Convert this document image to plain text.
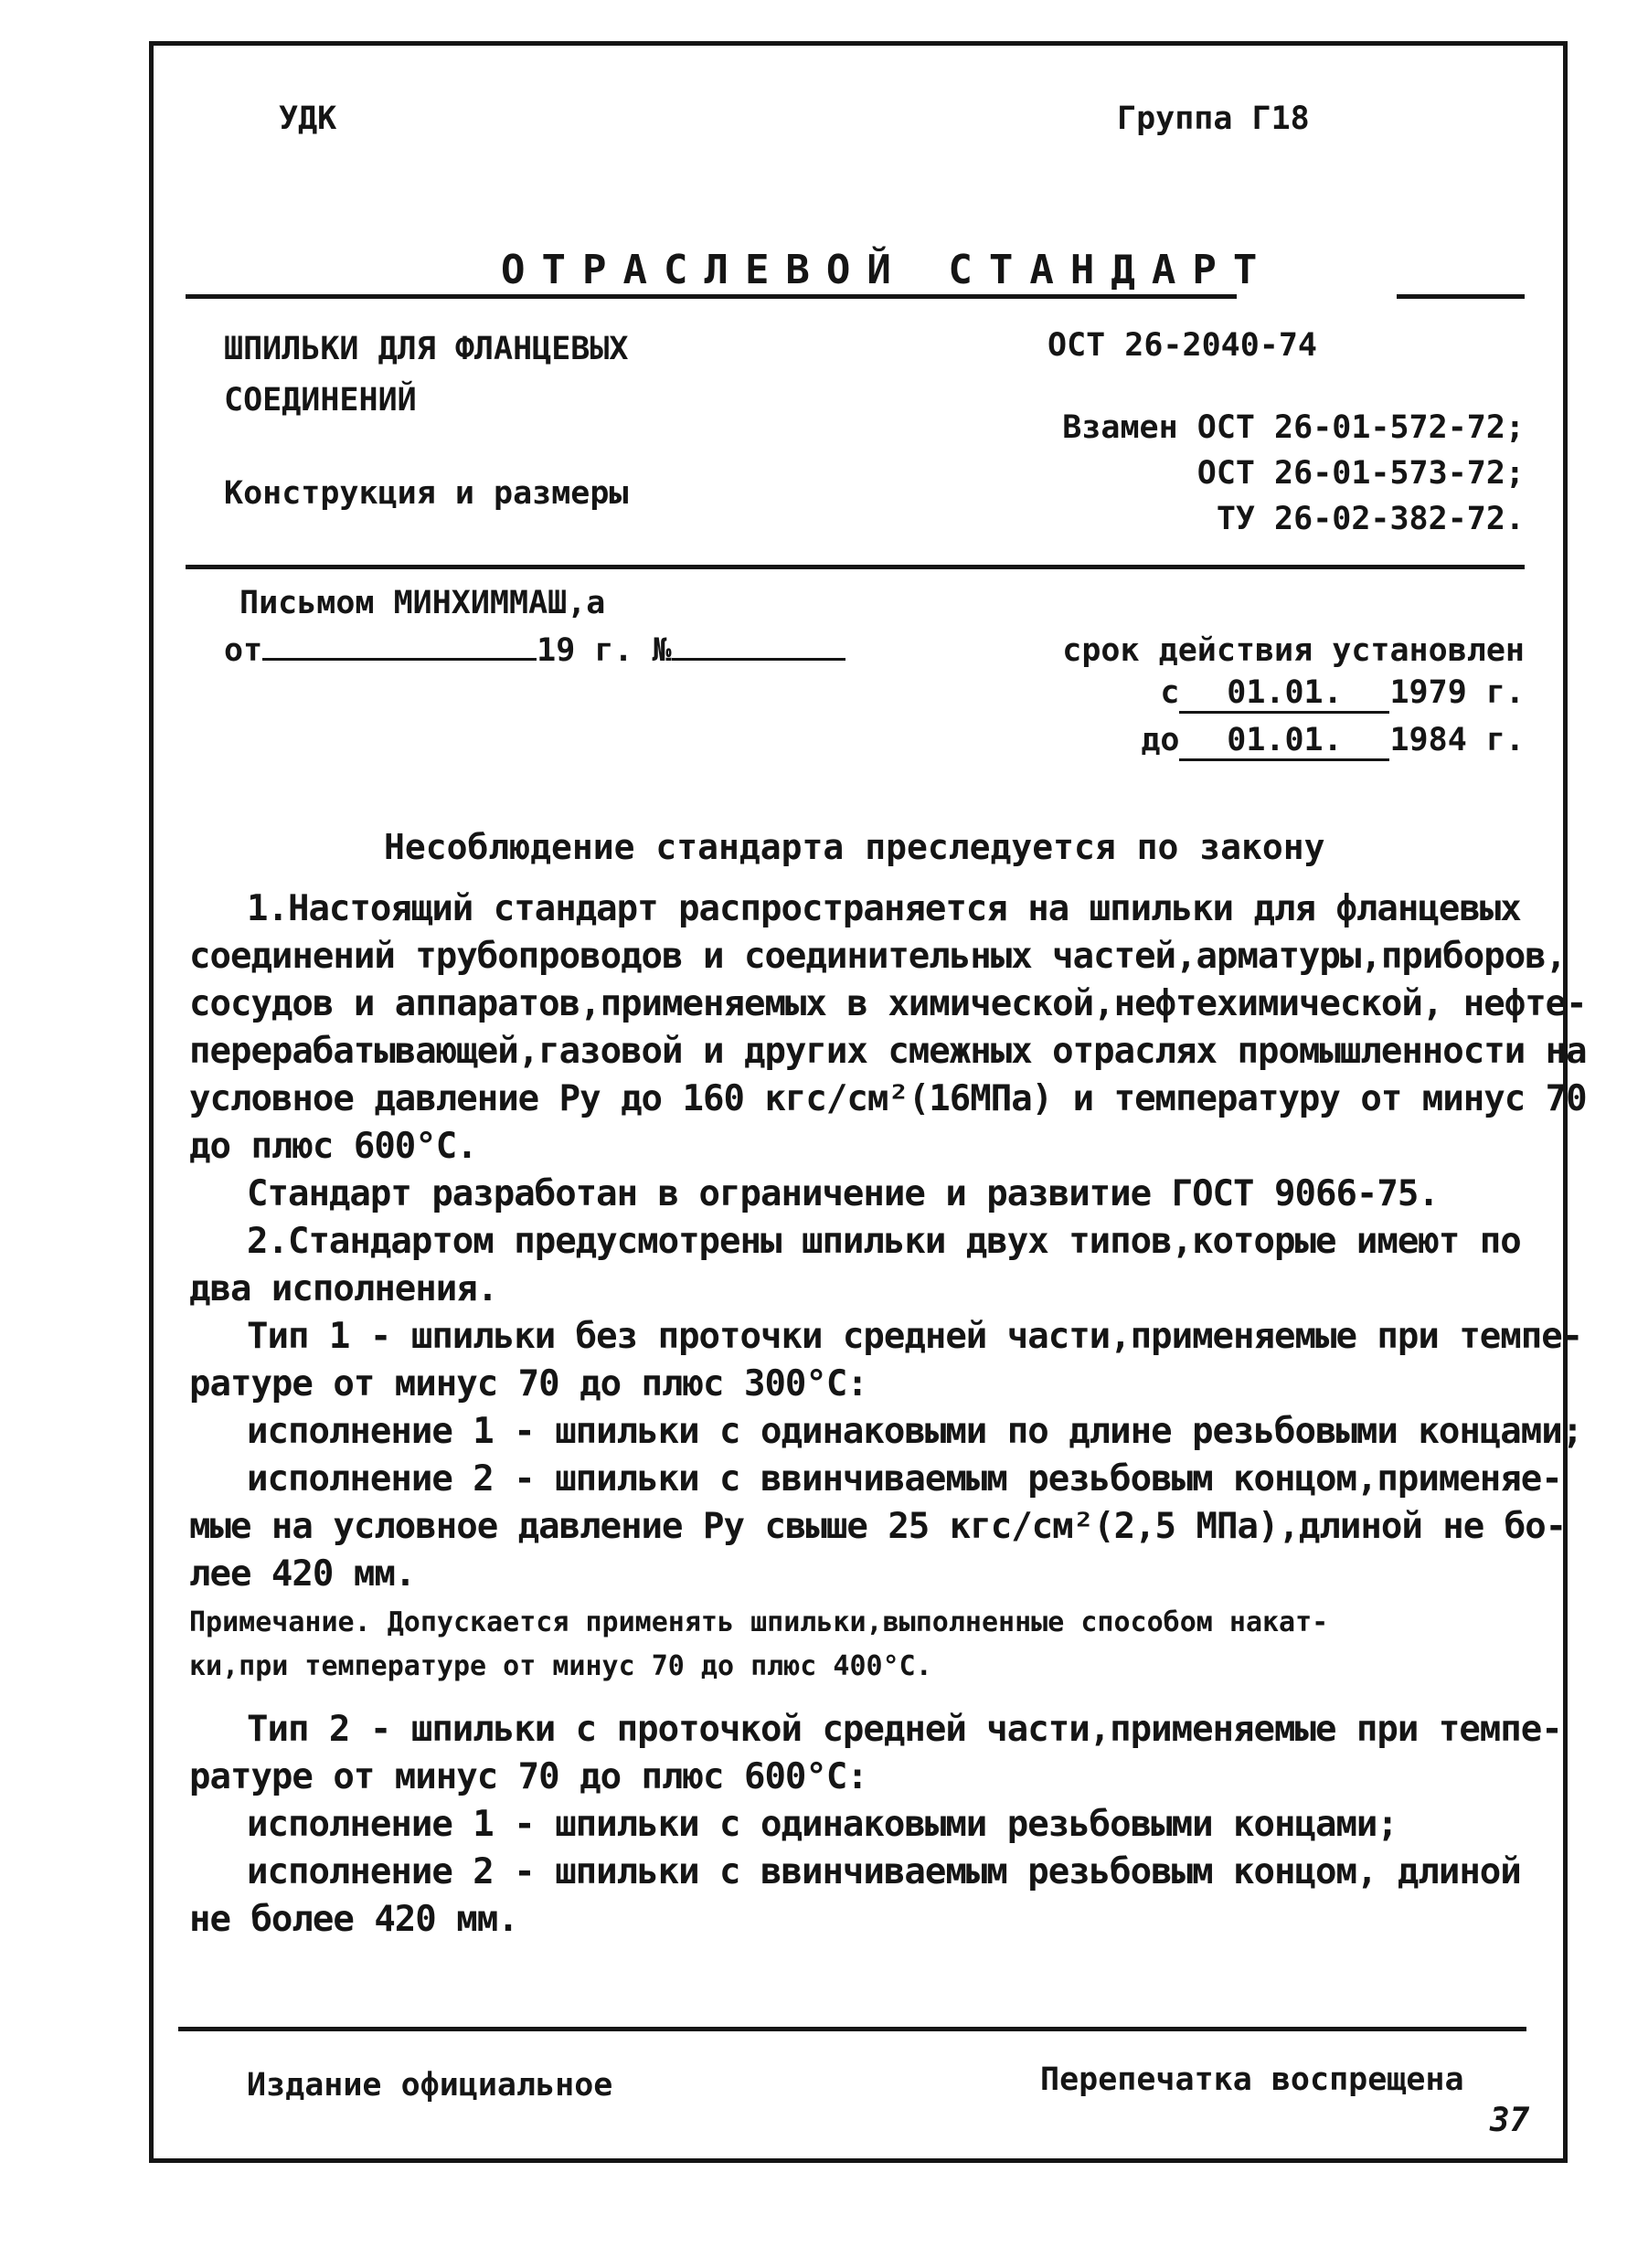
УДК	Группа Г18
ОТРАСЛЕВОЙ СТАНДАРТ
ШПИЛЬКИ ДЛЯ ФЛАНЦЕВЫХ
СОЕДИНЕНИЙ
Конструкция и размеры
ОСТ 26-2040-74
Взамен ОСТ 26-01-572-72;
ОСТ 26-01-573-72;
ТУ 26-02-382-72.
Письмом МИНХИММАШ,а
от	19 г. №	срок действия установлен
с 01.01. 1979 г.
до 01.01. 1984 г.
Несоблюдение стандарта преследуется по закону
1.Настоящий стандарт распространяется на шпильки для фланцевых
соединений трубопроводов и соединительных частей,арматуры,приборов,
сосудов и аппаратов,применяемых в химической,нефтехимической, нефте-
перерабатывающей,газовой и других смежных отраслях промышленности на
условное давление Ру до 160 кгс/см²(16МПа) и температуру от минус 70
до плюс 600°С.
Стандарт разработан в ограничение и развитие ГОСТ 9066-75.
2.Стандартом предусмотрены шпильки двух типов,которые имеют по
два исполнения.
Тип 1 - шпильки без проточки средней части,применяемые при темпе-
ратуре от минус 70 до плюс 300°С:
исполнение 1 - шпильки с одинаковыми по длине резьбовыми концами;
исполнение 2 - шпильки с ввинчиваемым резьбовым концом,применяе-
мые на условное давление Ру свыше 25 кгс/см²(2,5 МПа),длиной не бо-
лее 420 мм.
Примечание. Допускается применять шпильки,выполненные способом накат-
ки,при температуре от минус 70 до плюс 400°С.
Тип 2 - шпильки с проточкой средней части,применяемые при темпе-
ратуре от минус 70 до плюс 600°С:
исполнение 1 - шпильки с одинаковыми резьбовыми концами;
исполнение 2 - шпильки с ввинчиваемым резьбовым концом, длиной
не более 420 мм.
Издание официальное	Перепечатка воспрещена
37
